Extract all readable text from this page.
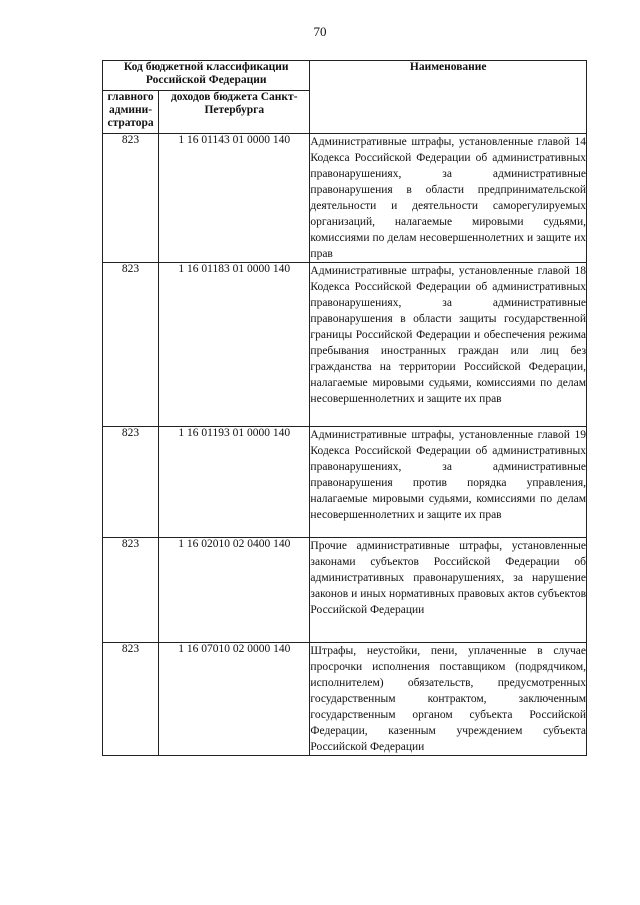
70
Код бюджетной классификации Российской Федерации		Наименование
главного админи-стратора	доходов бюджета Санкт-Петербурга	
823	1 16 01143 01 0000 140	Административные штрафы, установленные главой 14 Кодекса Российской Федерации об административных правонарушениях, за административные правонарушения в области предпринимательской деятельности и деятельности саморегулируемых организаций, налагаемые мировыми судьями, комиссиями по делам несовершеннолетних и защите их прав
823	1 16 01183 01 0000 140	Административные штрафы, установленные главой 18 Кодекса Российской Федерации об административных правонарушениях, за административные правонарушения в области защиты государственной границы Российской Федерации и обеспечения режима пребывания иностранных граждан или лиц без гражданства на территории Российской Федерации, налагаемые мировыми судьями, комиссиями по делам несовершеннолетних и защите их прав
823	1 16 01193 01 0000 140	Административные штрафы, установленные главой 19 Кодекса Российской Федерации об административных правонарушениях, за административные правонарушения против порядка управления, налагаемые мировыми судьями, комиссиями по делам несовершеннолетних и защите их прав
823	1 16 02010 02 0400 140	Прочие административные штрафы, установленные законами субъектов Российской Федерации об административных правонарушениях, за нарушение законов и иных нормативных правовых актов субъектов Российской Федерации
823	1 16 07010 02 0000 140	Штрафы, неустойки, пени, уплаченные в случае просрочки исполнения поставщиком (подрядчиком, исполнителем) обязательств, предусмотренных государственным контрактом, заключенным государственным органом субъекта Российской Федерации, казенным учреждением субъекта Российской Федерации
